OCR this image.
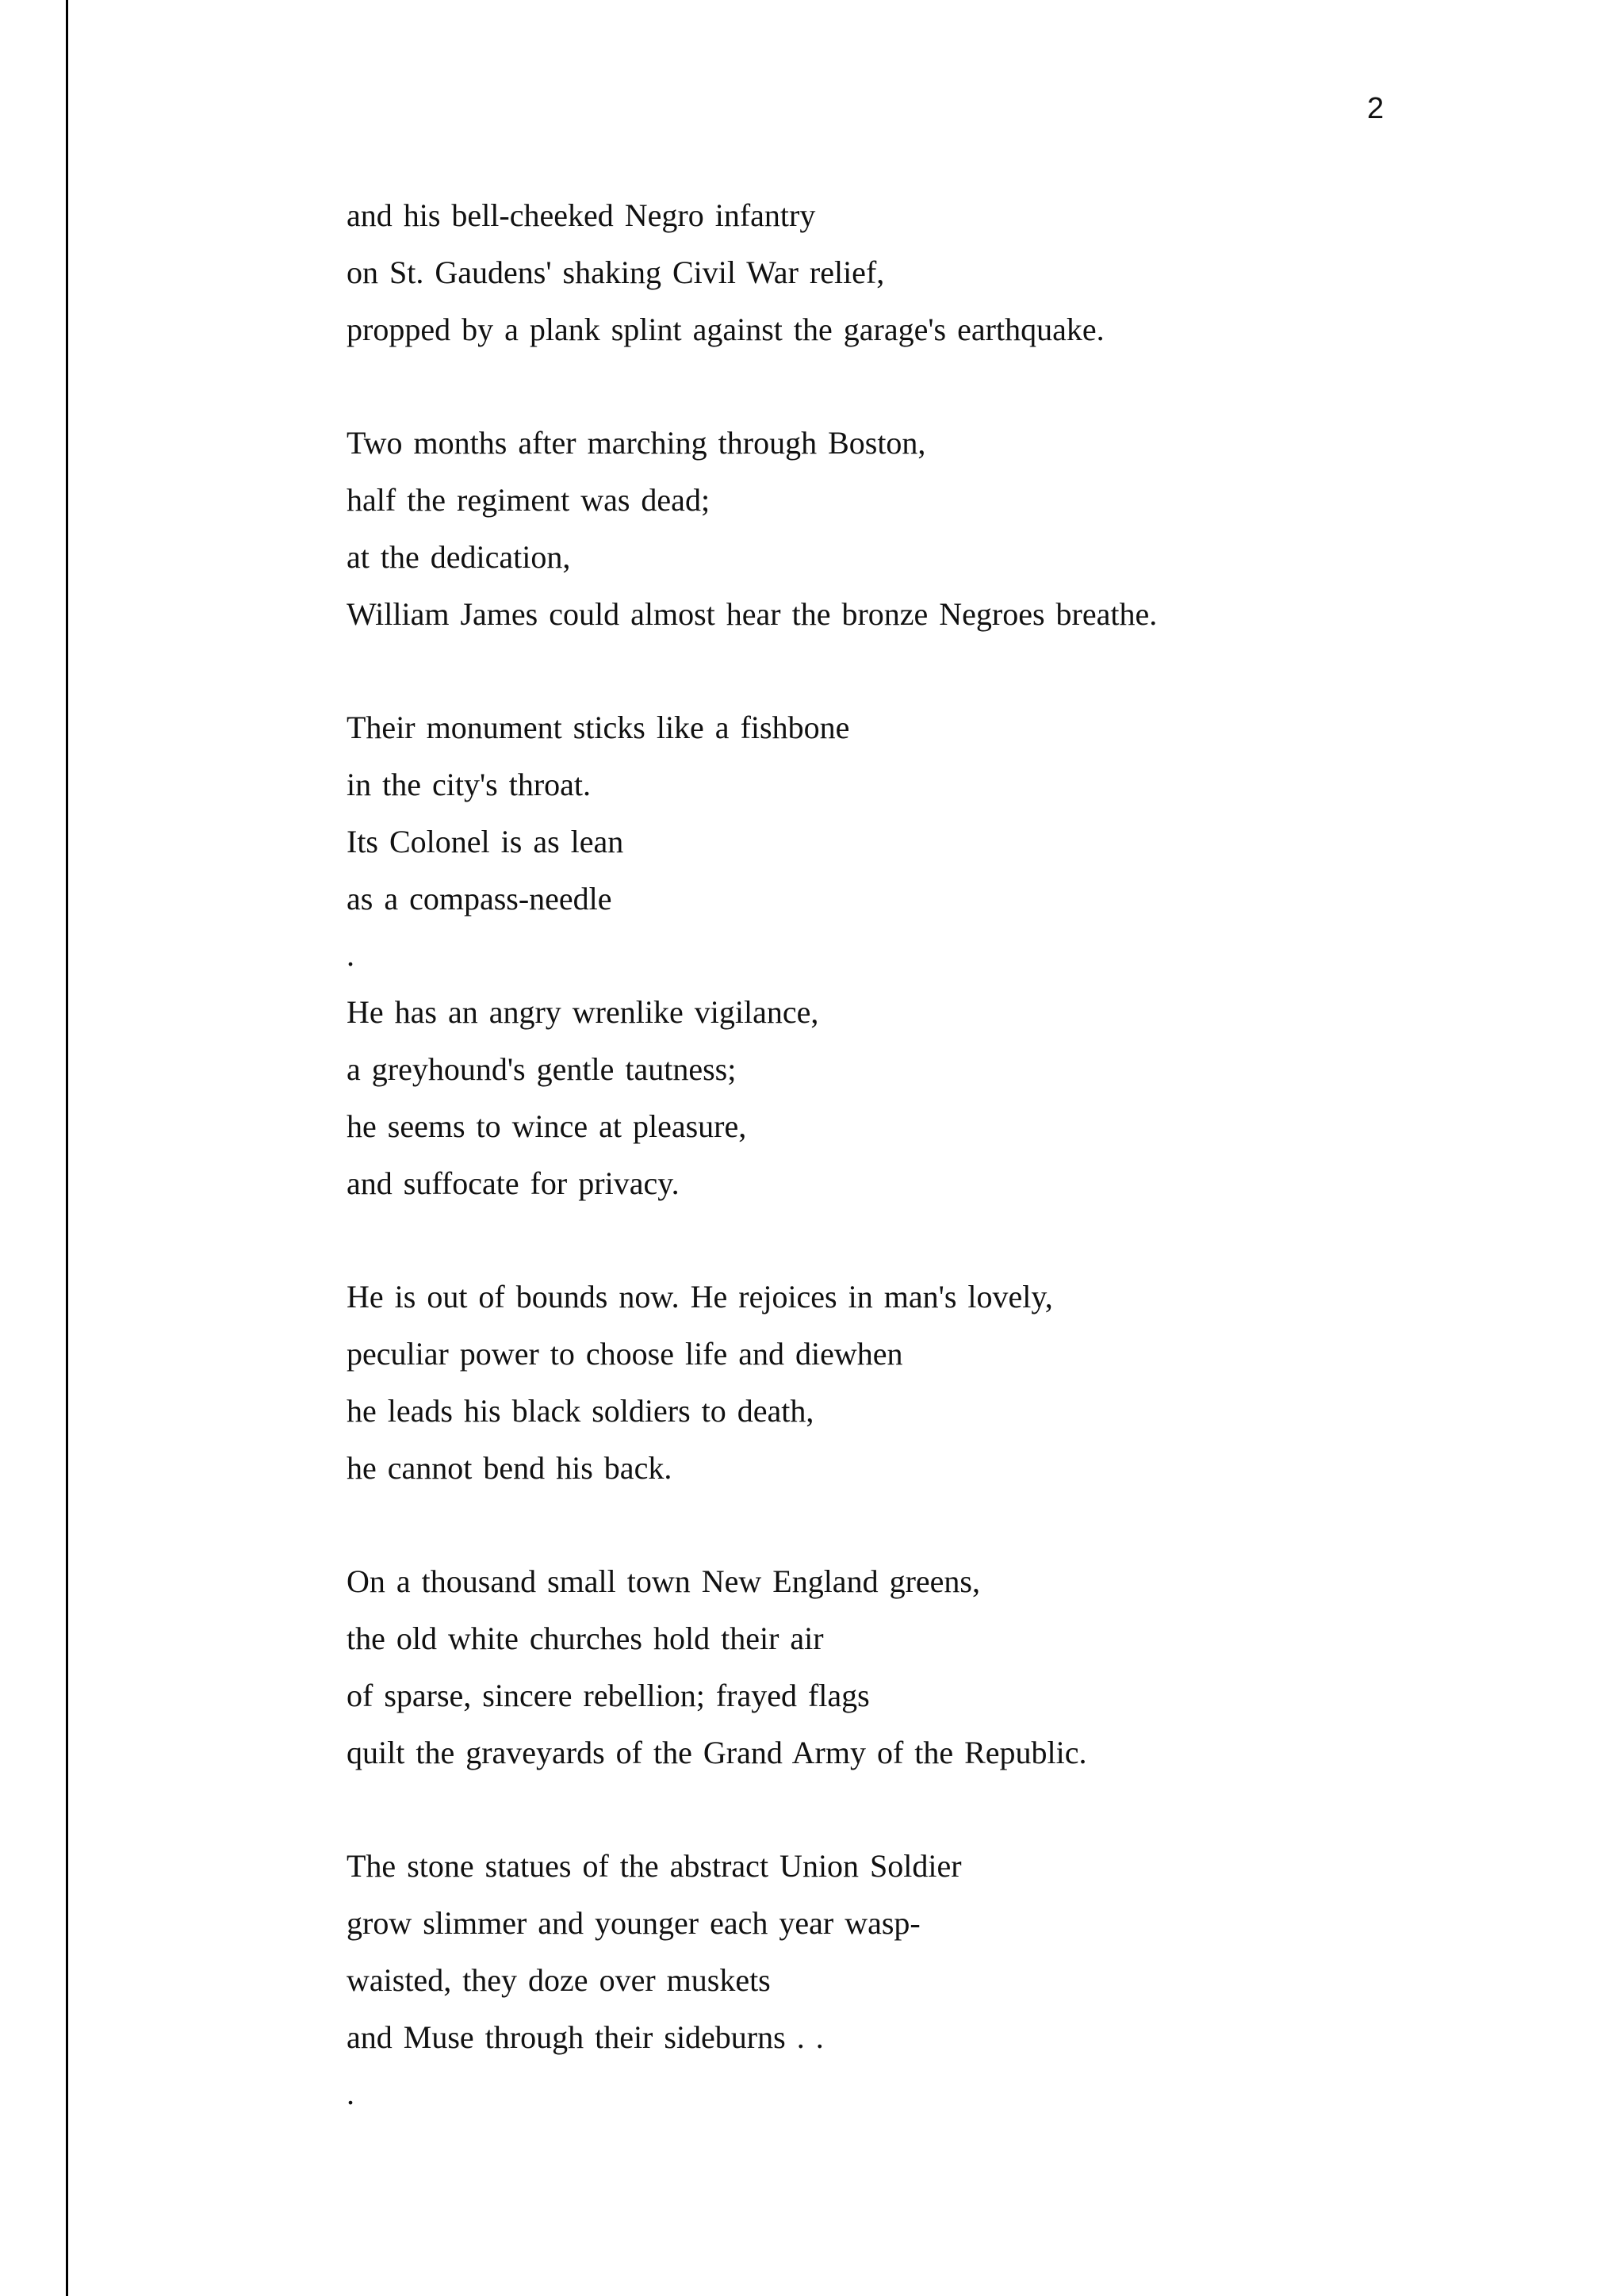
2
and his bell-cheeked Negro infantry
on St. Gaudens' shaking Civil War relief,
propped by a plank splint against the garage's earthquake.
Two months after marching through Boston,
half the regiment was dead;
at the dedication,
William James could almost hear the bronze Negroes breathe.
Their monument sticks like a fishbone
in the city's throat.
Its Colonel is as lean
as a compass-needle
.
He has an angry wrenlike vigilance,
a greyhound's gentle tautness;
he seems to wince at pleasure,
and suffocate for privacy.
He is out of bounds now. He rejoices in man's lovely,
peculiar power to choose life and diewhen
he leads his black soldiers to death,
he cannot bend his back.
On a thousand small town New England greens,
the old white churches hold their air
of sparse, sincere rebellion; frayed flags
quilt the graveyards of the Grand Army of the Republic.
The stone statues of the abstract Union Soldier
grow slimmer and younger each year wasp-
waisted, they doze over muskets
and Muse through their sideburns . .
.
